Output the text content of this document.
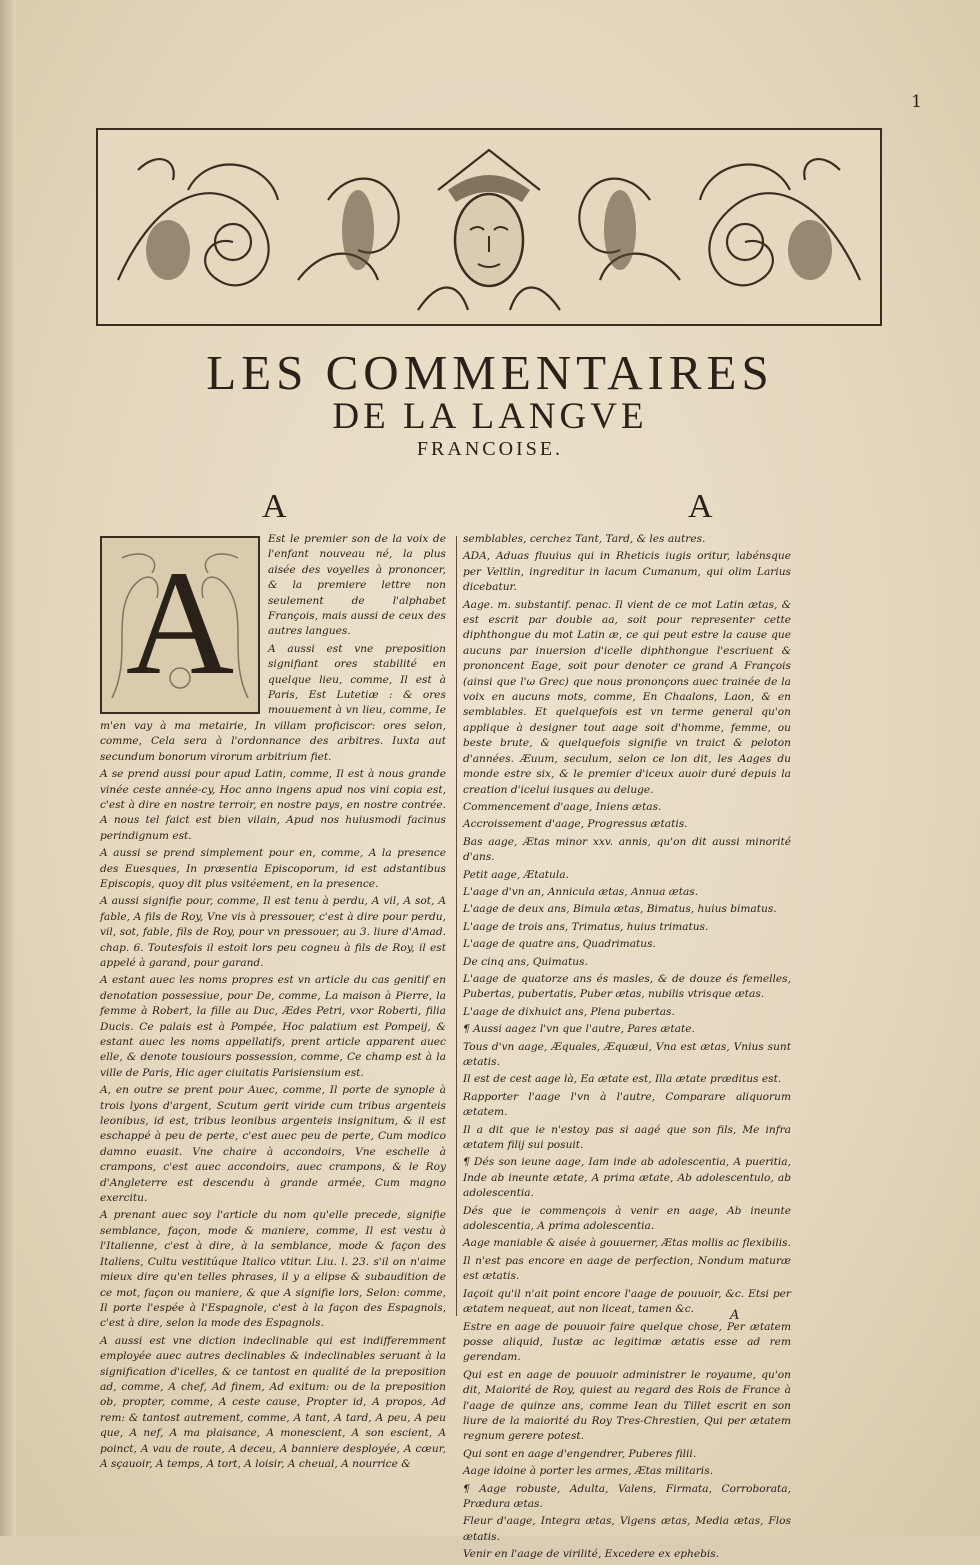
1
LES COMMENTAIRES
DE LA LANGVE
FRANCOISE.
A	A
A

Est le premier son de la voix de l'enfant nouveau né, la plus aisée des voyelles à prononcer, & la premiere lettre non seulement de l'alphabet François, mais aussi de ceux des autres langues.

A aussi est vne preposition signifiant ores stabilité en quelque lieu, comme, Il est à Paris, Est Lutetiæ : & ores mouuement à vn lieu, comme, Ie m'en vay à ma metairie, In villam proficiscor: ores selon, comme, Cela sera à l'ordonnance des arbitres. Iuxta aut secundum bonorum virorum arbitrium fiet.

A se prend aussi pour apud Latin, comme, Il est à nous grande vinée ceste année-cy, Hoc anno ingens apud nos vini copia est, c'est à dire en nostre terroir, en nostre pays, en nostre contrée. A nous tel faict est bien vilain, Apud nos huiusmodi facinus perindignum est.

A aussi se prend simplement pour en, comme, A la presence des Euesques, In præsentia Episcoporum, id est adstantibus Episcopis, quoy dit plus vsitéement, en la presence.

A aussi signifie pour, comme, Il est tenu à perdu, A vil, A sot, A fable, A fils de Roy, Vne vis à pressouer, c'est à dire pour perdu, vil, sot, fable, fils de Roy, pour vn pressouer, au 3. liure d'Amad. chap. 6. Toutesfois il estoit lors peu cogneu à fils de Roy, il est appelé à garand, pour garand.

A estant auec les noms propres est vn article du cas genitif en denotation possessiue, pour De, comme, La maison à Pierre, la femme à Robert, la fille au Duc, Ædes Petri, vxor Roberti, filia Ducis. Ce palais est à Pompée, Hoc palatium est Pompeij, & estant auec les noms appellatifs, prent article apparent auec elle, & denote tousiours possession, comme, Ce champ est à la ville de Paris, Hic ager ciuitatis Parisiensium est.

A, en outre se prent pour Auec, comme, Il porte de synople à trois lyons d'argent, Scutum gerit viride cum tribus argenteis leonibus, id est, tribus leonibus argenteis insignitum, & il est eschappé à peu de perte, c'est auec peu de perte, Cum modico damno euasit. Vne chaire à accondoirs, Vne eschelle à crampons, c'est auec accondoirs, auec crampons, & le Roy d'Angleterre est descendu à grande armée, Cum magno exercitu.

A prenant auec soy l'article du nom qu'elle precede, signifie semblance, façon, mode & maniere, comme, Il est vestu à l'Italienne, c'est à dire, à la semblance, mode & façon des Italiens, Cultu vestitúque Italico vtitur. Liu. l. 23. s'il on n'aime mieux dire qu'en telles phrases, il y a elipse & subaudition de ce mot, façon ou maniere, & que A signifie lors, Selon: comme, Il porte l'espée à l'Espagnole, c'est à la façon des Espagnols, c'est à dire, selon la mode des Espagnols.

A aussi est vne diction indeclinable qui est indifferemment employée auec autres declinables & indeclinables seruant à la signification d'icelles, & ce tantost en qualité de la preposition ad, comme, A chef, Ad finem, Ad exitum: ou de la preposition ob, propter, comme, A ceste cause, Propter id, A propos, Ad rem: & tantost autrement, comme, A tant, A tard, A peu, A peu que, A nef, A ma plaisance, A monescient, A son escient, A poinct, A vau de route, A deceu, A banniere desployée, A cœur, A sçauoir, A temps, A tort, A loisir, A cheual, A nourrice &

semblables, cerchez Tant, Tard, & les autres.

ADA, Aduas fluuius qui in Rheticis iugis oritur, labénsque per Veltlin, ingreditur in lacum Cumanum, qui olim Larius dicebatur.

Aage. m. substantif. penac. Il vient de ce mot Latin ætas, & est escrit par double aa, soit pour representer cette diphthongue du mot Latin æ, ce qui peut estre la cause que aucuns par inuersion d'icelle diphthongue l'escriuent & prononcent Eage, soit pour denoter ce grand A François (ainsi que l'ω Grec) que nous prononçons auec trainée de la voix en aucuns mots, comme, En Chaalons, Laon, & en semblables. Et quelquefois est vn terme general qu'on applique à designer tout aage soit d'homme, femme, ou beste brute, & quelquefois signifie vn traict & peloton d'années. Æuum, seculum, selon ce lon dit, les Aages du monde estre six, & le premier d'iceux auoir duré depuis la creation d'icelui iusques au deluge.

Commencement d'aage, Iniens ætas.

Accroissement d'aage, Progressus ætatis.

Bas aage, Ætas minor xxv. annis, qu'on dit aussi minorité d'ans.

Petit aage, Ætatula.

L'aage d'vn an, Annicula ætas, Annua ætas.

L'aage de deux ans, Bimula ætas, Bimatus, huius bimatus.

L'aage de trois ans, Trimatus, huius trimatus.

L'aage de quatre ans, Quadrimatus.

De cinq ans, Quimatus.

L'aage de quatorze ans és masles, & de douze és femelles, Pubertas, pubertatis, Puber ætas, nubilis vtrisque ætas.

L'aage de dixhuict ans, Plena pubertas.

¶ Aussi aagez l'vn que l'autre, Pares ætate.

Tous d'vn aage, Æquales, Æquæui, Vna est ætas, Vnius sunt ætatis.

Il est de cest aage là, Ea ætate est, Illa ætate præditus est.

Rapporter l'aage l'vn à l'autre, Comparare aliquorum ætatem.

Il a dit que ie n'estoy pas si aagé que son fils, Me infra ætatem filij sui posuit.

¶ Dés son ieune aage, Iam inde ab adolescentia, A pueritia, Inde ab ineunte ætate, A prima ætate, Ab adolescentulo, ab adolescentia.

Dés que ie commençois à venir en aage, Ab ineunte adolescentia, A prima adolescentia.

Aage maniable & aisée à gouuerner, Ætas mollis ac flexibilis.

Il n'est pas encore en aage de perfection, Nondum maturæ est ætatis.

Iaçoit qu'il n'ait point encore l'aage de pouuoir, &c. Etsi per ætatem nequeat, aut non liceat, tamen &c.

Estre en aage de pouuoir faire quelque chose, Per ætatem posse aliquid, Iustæ ac legitimæ ætatis esse ad rem gerendam.

Qui est en aage de pouuoir administrer le royaume, qu'on dit, Maiorité de Roy, quiest au regard des Rois de France à l'aage de quinze ans, comme Iean du Tillet escrit en son liure de la maiorité du Roy Tres-Chrestien, Qui per ætatem regnum gerere potest.

Qui sont en aage d'engendrer, Puberes filii.

Aage idoine à porter les armes, Ætas militaris.

¶ Aage robuste, Adulta, Valens, Firmata, Corroborata, Prædura ætas.

Fleur d'aage, Integra ætas, Vigens ætas, Media ætas, Flos ætatis.

Venir en l'aage de virilité, Excedere ex ephebis.

A
